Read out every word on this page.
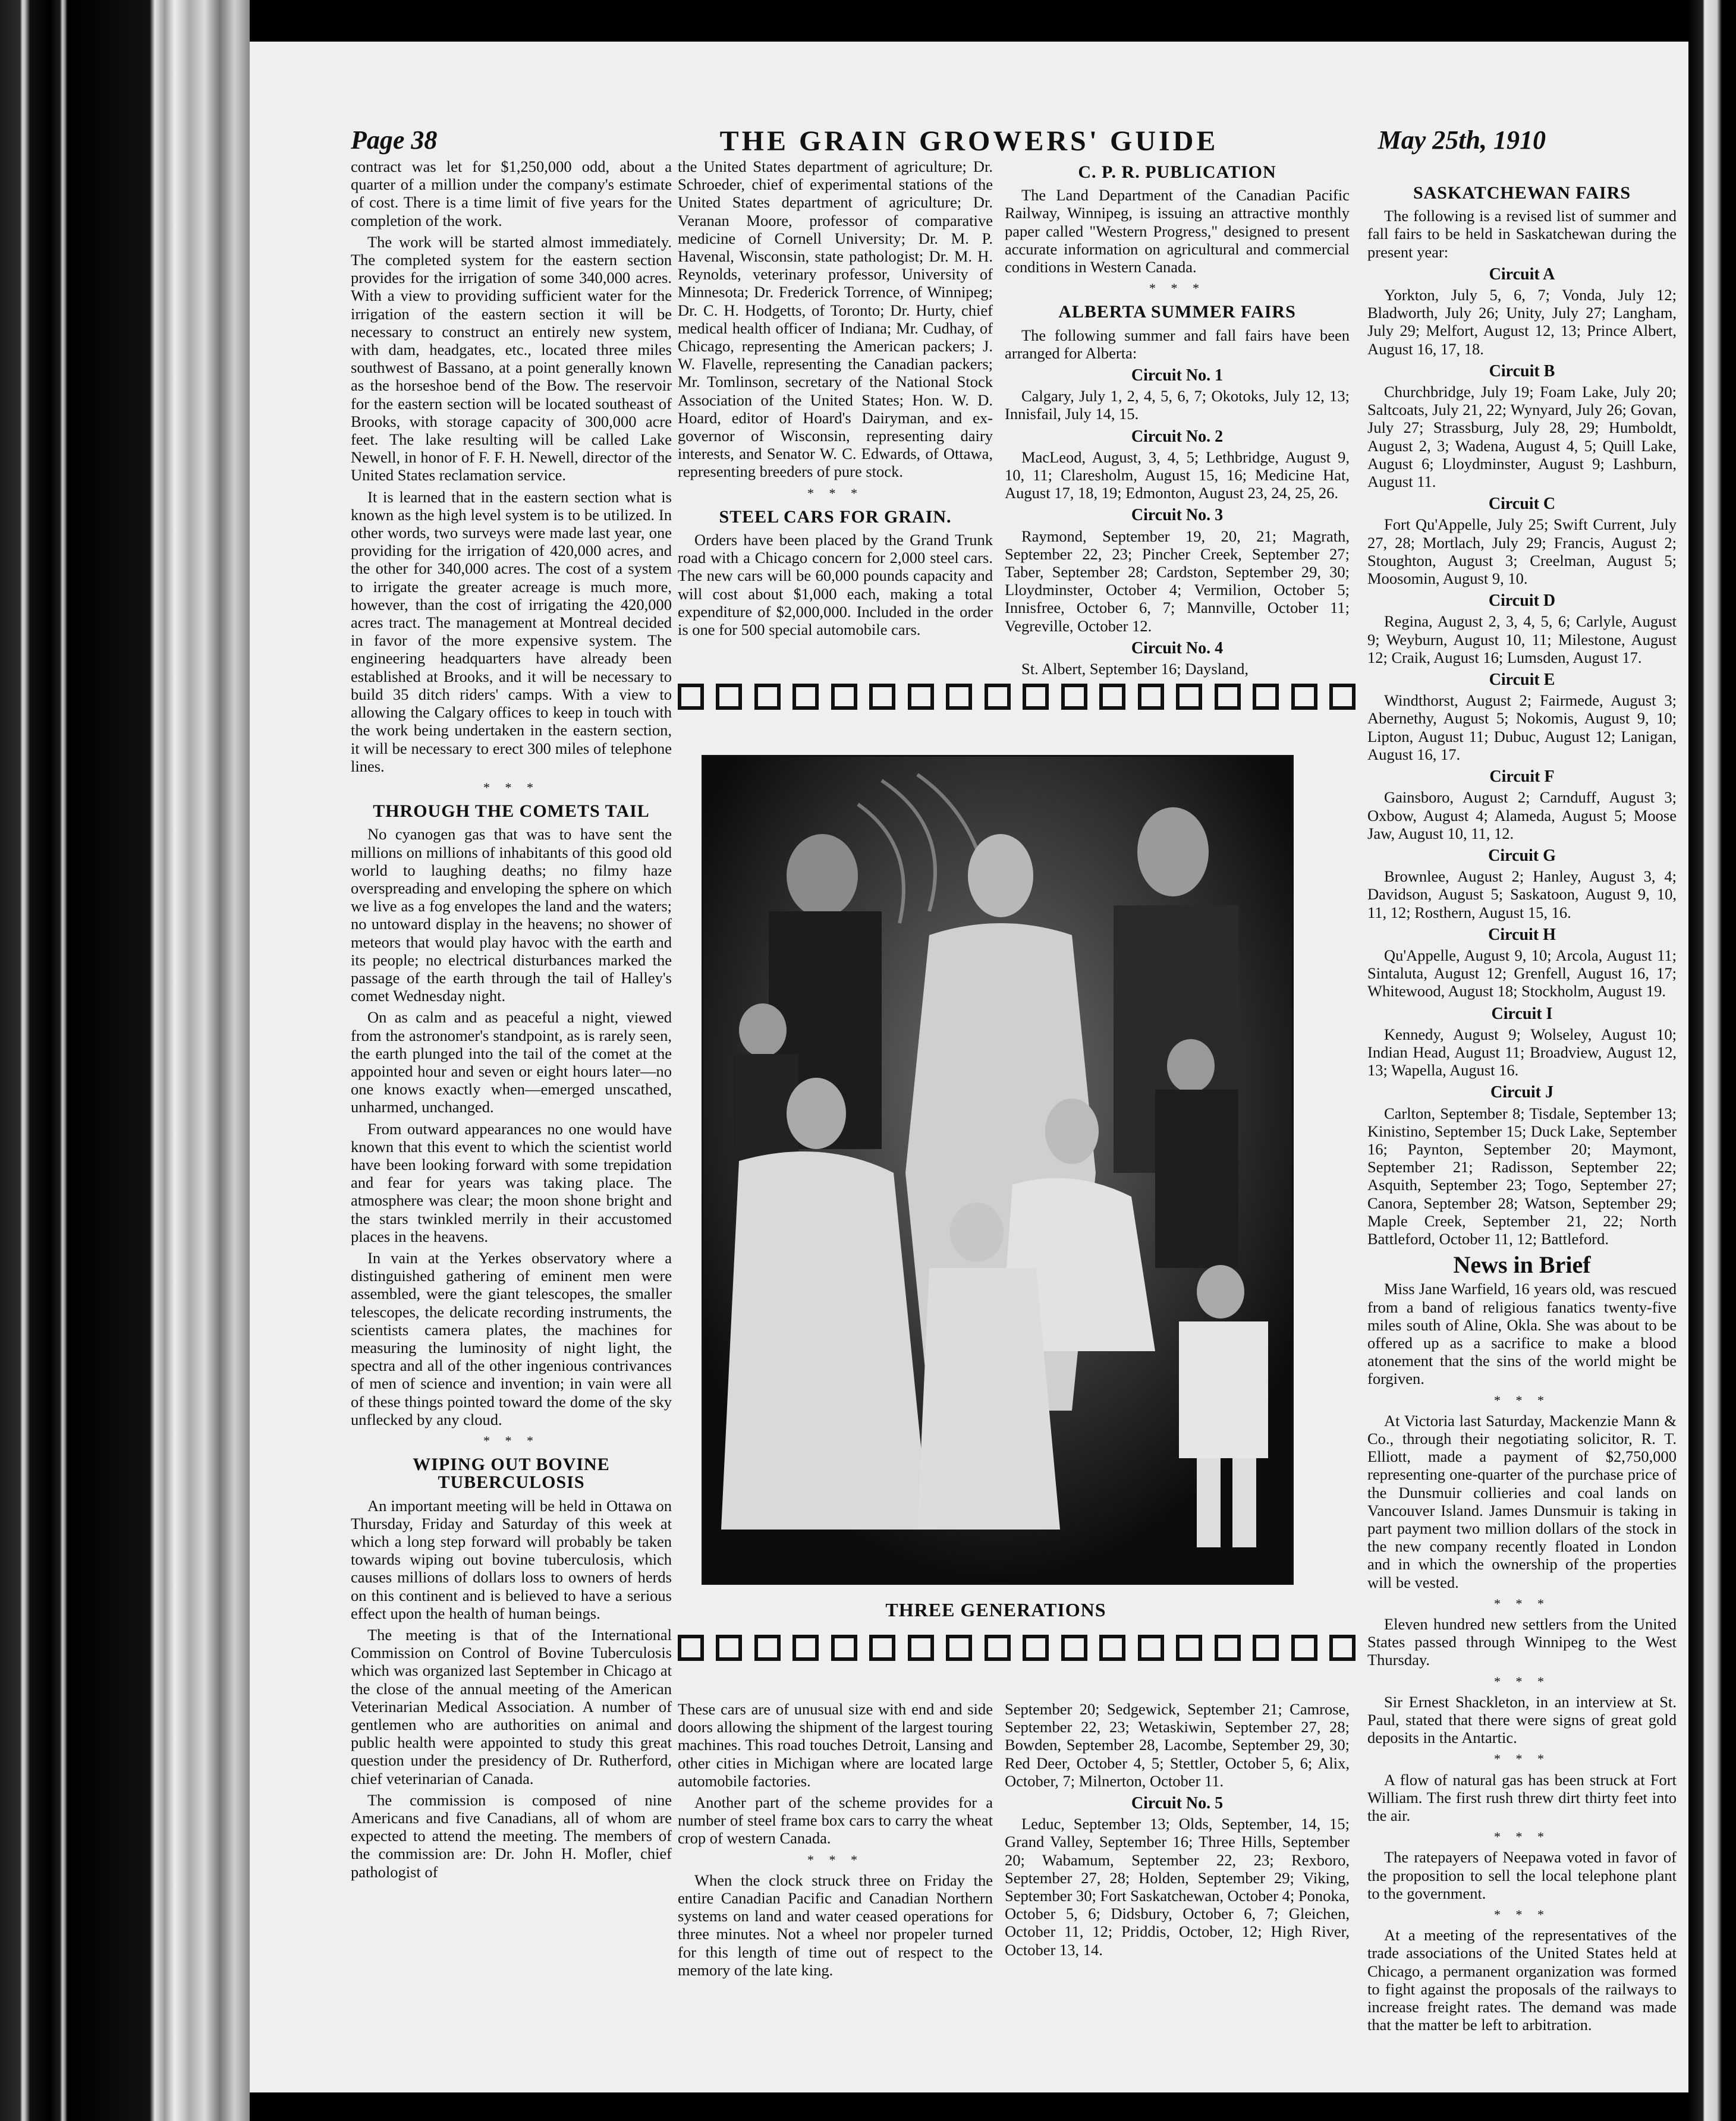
THE GRAIN GROWERS' GUIDE
Page 38	May 25th, 1910

contract was let for $1,250,000 odd, about a quarter of a million under the company's estimate of cost. There is a time limit of five years for the completion of the work.

The work will be started almost immediately. The completed system for the eastern section provides for the irrigation of some 340,000 acres. With a view to providing sufficient water for the irrigation of the eastern section it will be necessary to construct an entirely new system, with dam, headgates, etc., located three miles southwest of Bassano, at a point generally known as the horseshoe bend of the Bow. The reservoir for the eastern section will be located southeast of Brooks, with storage capacity of 300,000 acre feet. The lake resulting will be called Lake Newell, in honor of F. F. H. Newell, director of the United States reclamation service.

It is learned that in the eastern section what is known as the high level system is to be utilized. In other words, two surveys were made last year, one providing for the irrigation of 420,000 acres, and the other for 340,000 acres. The cost of a system to irrigate the greater acreage is much more, however, than the cost of irrigating the 420,000 acres tract. The management at Montreal decided in favor of the more expensive system. The engineering headquarters have already been established at Brooks, and it will be necessary to build 35 ditch riders' camps. With a view to allowing the Calgary offices to keep in touch with the work being undertaken in the eastern section, it will be necessary to erect 300 miles of telephone lines.

* * *
THROUGH THE COMETS TAIL

No cyanogen gas that was to have sent the millions on millions of inhabitants of this good old world to laughing deaths; no filmy haze overspreading and enveloping the sphere on which we live as a fog envelopes the land and the waters; no untoward display in the heavens; no shower of meteors that would play havoc with the earth and its people; no electrical disturbances marked the passage of the earth through the tail of Halley's comet Wednesday night.

On as calm and as peaceful a night, viewed from the astronomer's standpoint, as is rarely seen, the earth plunged into the tail of the comet at the appointed hour and seven or eight hours later—no one knows exactly when—emerged unscathed, unharmed, unchanged.

From outward appearances no one would have known that this event to which the scientist world have been looking forward with some trepidation and fear for years was taking place. The atmosphere was clear; the moon shone bright and the stars twinkled merrily in their accustomed places in the heavens.

In vain at the Yerkes observatory where a distinguished gathering of eminent men were assembled, were the giant telescopes, the smaller telescopes, the delicate recording instruments, the scientists camera plates, the machines for measuring the luminosity of night light, the spectra and all of the other ingenious contrivances of men of science and invention; in vain were all of these things pointed toward the dome of the sky unflecked by any cloud.

* * *
WIPING OUT BOVINE TUBERCULOSIS

An important meeting will be held in Ottawa on Thursday, Friday and Saturday of this week at which a long step forward will probably be taken towards wiping out bovine tuberculosis, which causes millions of dollars loss to owners of herds on this continent and is believed to have a serious effect upon the health of human beings.

The meeting is that of the International Commission on Control of Bovine Tuberculosis which was organized last September in Chicago at the close of the annual meeting of the American Veterinarian Medical Association. A number of gentlemen who are authorities on animal and public health were appointed to study this great question under the presidency of Dr. Rutherford, chief veterinarian of Canada.

The commission is composed of nine Americans and five Canadians, all of whom are expected to attend the meeting. The members of the commission are: Dr. John H. Mofler, chief pathologist of

the United States department of agriculture; Dr. Schroeder, chief of experimental stations of the United States department of agriculture; Dr. Veranan Moore, professor of comparative medicine of Cornell University; Dr. M. P. Havenal, Wisconsin, state pathologist; Dr. M. H. Reynolds, veterinary professor, University of Minnesota; Dr. Frederick Torrence, of Winnipeg; Dr. C. H. Hodgetts, of Toronto; Dr. Hurty, chief medical health officer of Indiana; Mr. Cudhay, of Chicago, representing the American packers; J. W. Flavelle, representing the Canadian packers; Mr. Tomlinson, secretary of the National Stock Association of the United States; Hon. W. D. Hoard, editor of Hoard's Dairyman, and ex-governor of Wisconsin, representing dairy interests, and Senator W. C. Edwards, of Ottawa, representing breeders of pure stock.

* * *
STEEL CARS FOR GRAIN.

Orders have been placed by the Grand Trunk road with a Chicago concern for 2,000 steel cars. The new cars will be 60,000 pounds capacity and will cost about $1,000 each, making a total expenditure of $2,000,000. Included in the order is one for 500 special automobile cars.

C. P. R. PUBLICATION

The Land Department of the Canadian Pacific Railway, Winnipeg, is issuing an attractive monthly paper called "Western Progress," designed to present accurate information on agricultural and commercial conditions in Western Canada.

* * *
ALBERTA SUMMER FAIRS

The following summer and fall fairs have been arranged for Alberta:

Circuit No. 1

Calgary, July 1, 2, 4, 5, 6, 7; Okotoks, July 12, 13; Innisfail, July 14, 15.

Circuit No. 2

MacLeod, August, 3, 4, 5; Lethbridge, August 9, 10, 11; Claresholm, August 15, 16; Medicine Hat, August 17, 18, 19; Edmonton, August 23, 24, 25, 26.

Circuit No. 3

Raymond, September 19, 20, 21; Magrath, September 22, 23; Pincher Creek, September 27; Taber, September 28; Cardston, September 29, 30; Lloydminster, October 4; Vermilion, October 5; Innisfree, October 6, 7; Mannville, October 11; Vegreville, October 12.

Circuit No. 4

St. Albert, September 16; Daysland,

THREE GENERATIONS

These cars are of unusual size with end and side doors allowing the shipment of the largest touring machines. This road touches Detroit, Lansing and other cities in Michigan where are located large automobile factories.

Another part of the scheme provides for a number of steel frame box cars to carry the wheat crop of western Canada.

* * *

When the clock struck three on Friday the entire Canadian Pacific and Canadian Northern systems on land and water ceased operations for three minutes. Not a wheel nor propeler turned for this length of time out of respect to the memory of the late king.

September 20; Sedgewick, September 21; Camrose, September 22, 23; Wetaskiwin, September 27, 28; Bowden, September 28, Lacombe, September 29, 30; Red Deer, October 4, 5; Stettler, October 5, 6; Alix, October, 7; Milnerton, October 11.

Circuit No. 5

Leduc, September 13; Olds, September, 14, 15; Grand Valley, September 16; Three Hills, September 20; Wabamum, September 22, 23; Rexboro, September 27, 28; Holden, September 29; Viking, September 30; Fort Saskatchewan, October 4; Ponoka, October 5, 6; Didsbury, October 6, 7; Gleichen, October 11, 12; Priddis, October, 12; High River, October 13, 14.

SASKATCHEWAN FAIRS

The following is a revised list of summer and fall fairs to be held in Saskatchewan during the present year:

Circuit A

Yorkton, July 5, 6, 7; Vonda, July 12; Bladworth, July 26; Unity, July 27; Langham, July 29; Melfort, August 12, 13; Prince Albert, August 16, 17, 18.

Circuit B

Churchbridge, July 19; Foam Lake, July 20; Saltcoats, July 21, 22; Wynyard, July 26; Govan, July 27; Strassburg, July 28, 29; Humboldt, August 2, 3; Wadena, August 4, 5; Quill Lake, August 6; Lloydminster, August 9; Lashburn, August 11.

Circuit C

Fort Qu'Appelle, July 25; Swift Current, July 27, 28; Mortlach, July 29; Francis, August 2; Stoughton, August 3; Creelman, August 5; Moosomin, August 9, 10.

Circuit D

Regina, August 2, 3, 4, 5, 6; Carlyle, August 9; Weyburn, August 10, 11; Milestone, August 12; Craik, August 16; Lumsden, August 17.

Circuit E

Windthorst, August 2; Fairmede, August 3; Abernethy, August 5; Nokomis, August 9, 10; Lipton, August 11; Dubuc, August 12; Lanigan, August 16, 17.

Circuit F

Gainsboro, August 2; Carnduff, August 3; Oxbow, August 4; Alameda, August 5; Moose Jaw, August 10, 11, 12.

Circuit G

Brownlee, August 2; Hanley, August 3, 4; Davidson, August 5; Saskatoon, August 9, 10, 11, 12; Rosthern, August 15, 16.

Circuit H

Qu'Appelle, August 9, 10; Arcola, August 11; Sintaluta, August 12; Grenfell, August 16, 17; Whitewood, August 18; Stockholm, August 19.

Circuit I

Kennedy, August 9; Wolseley, August 10; Indian Head, August 11; Broadview, August 12, 13; Wapella, August 16.

Circuit J

Carlton, September 8; Tisdale, September 13; Kinistino, September 15; Duck Lake, September 16; Paynton, September 20; Maymont, September 21; Radisson, September 22; Asquith, September 23; Togo, September 27; Canora, September 28; Watson, September 29; Maple Creek, September 21, 22; North Battleford, October 11, 12; Battleford.

News in Brief

Miss Jane Warfield, 16 years old, was rescued from a band of religious fanatics twenty-five miles south of Aline, Okla. She was about to be offered up as a sacrifice to make a blood atonement that the sins of the world might be forgiven.

* * *

At Victoria last Saturday, Mackenzie Mann & Co., through their negotiating solicitor, R. T. Elliott, made a payment of $2,750,000 representing one-quarter of the purchase price of the Dunsmuir collieries and coal lands on Vancouver Island. James Dunsmuir is taking in part payment two million dollars of the stock in the new company recently floated in London and in which the ownership of the properties will be vested.

* * *

Eleven hundred new settlers from the United States passed through Winnipeg to the West Thursday.

* * *

Sir Ernest Shackleton, in an interview at St. Paul, stated that there were signs of great gold deposits in the Antartic.

* * *

A flow of natural gas has been struck at Fort William. The first rush threw dirt thirty feet into the air.

* * *

The ratepayers of Neepawa voted in favor of the proposition to sell the local telephone plant to the government.

* * *

At a meeting of the representatives of the trade associations of the United States held at Chicago, a permanent organization was formed to fight against the proposals of the railways to increase freight rates. The demand was made that the matter be left to arbitration.
